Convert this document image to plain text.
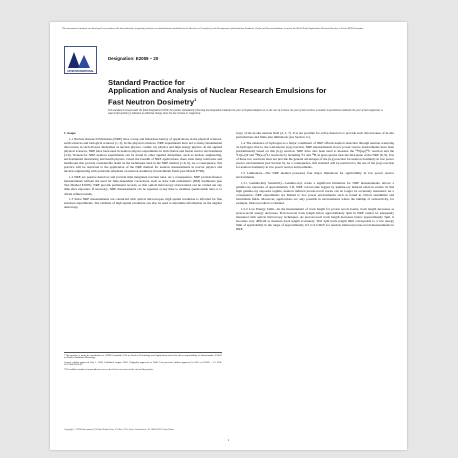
This international standard was developed in accordance with internationally recognized principles on standardization established in the Decision on Principles for the Development of International Standards, Guides and Recommendations issued by the World Trade Organization Technical Barriers to Trade (TBT) Committee.
ASTM INTERNATIONAL
Designation: E2059 – 20
Standard Practice for
Application and Analysis of Nuclear Research Emulsions for
Fast Neutron Dosimetry$^1$
This standard is issued under the fixed designation E2059; the number immediately following the designation indicates the year of original adoption or, in the case of revision, the year of last revision. A number in parentheses indicates the year of last reapproval. A superscript epsilon (ε) indicates an editorial change since the last revision or reapproval.

1. Scope

1.1 Nuclear Research Emulsions (NRE) have a long and illustrious history of applications in the physical sciences, earth sciences and biological sciences (1, 2). In the physical sciences, NRE experiments have led to many fundamental discoveries in such diverse disciplines as nuclear physics, cosmic ray physics and high energy physics. In the applied physical sciences, NRE have been used in neutron physics experiments in both fission and fusion reactor environments (3-6). Nonreactor NRE neutron experiments can be found in other applied disciplines, such as nuclear engineering, environmental monitoring and health physics. Given the breadth of NRE applications, there exist many textbooks and handbooks that provide considerable detail on the techniques used in the NRE method (1-6, 6). As a consequence, this practice will be restricted to the application of the NRE method for neutron measurements in reactor physics and nuclear engineering with particular emphasis on neutron dosimetry in benchmark fields (see Matrix E706).

1.2 NRE are passive detectors and provide time integrated reaction rates. As a consequence, NRE provide fluence measurements without the need for time-dependent corrections, such as arise with radiometric (RM) dosimeters (see Test Method E1005). NRE provide permanent records, so that optical microscopy observations can be carried out any time after exposure. If necessary, NRE measurements can be repeated at any time to examine questionable data or to obtain refined results.

1.3 Since NRE measurements are conducted with optical microscopes, high spatial resolution is afforded for fine structure experiments. The attribute of high spatial resolution can also be used to determine information on the angular anisotropy

¹ This practice is under the jurisdiction of ASTM Committee E10 on Nuclear Technology and Applications and is the direct responsibility of Subcommittee E10.05 on Nuclear Radiation Metrology.

Current edition approved July 1, 2020. Published August 2020. Originally approved in 2000. Last previous edition approved in 2015 as E2059 – 15. DOI: 10.1520/E2059-20.

² The boldface numbers in parentheses refer to the list of references at the end of this practice.

tropy of the in-situ neutron field (4, 5, 7). It is not possible for active detectors to provide such data because of in-situ perturbations and finite-size limitations (see Section 11).

1.4 The existence of hydrogen as a major constituent of NRE affords neutron detection through neutron scattering on hydrogen, that is, the well-known (n,p) reaction. NRE measurements in low power reactor environments have been predominantly based on this (n,p) reaction. NRE have also been used to measure the ¹⁴N(n,p)¹⁴C reaction and the ⁶Li(n,α)T and ¹⁰B(n,α)⁷Li reactions by including ⁶Li and ¹⁰B as glass specks near the mid-plane of the NRE (8, 9). Use of these two reactions does not provide the general advantages of the (n,p) reaction for neutron dosimetry in low power reactor environments (see Section 6). As a consequence, this standard will be restricted to the use of the (n,p) reaction for neutron dosimetry in low power reactor environments.

1.5 Limitations—The NRE method possesses four major limitations for applicability in low power reactor environments.

1.5.1 Gamma-Ray Sensitivity—Gamma-rays create a significant limitation for NRE measurements. Above a gamma-ray exposure of approximately 3 R, NRE can become fogged by gamma-ray induced electron events. In this high gamma-ray exposure regime, neutron induced proton-recoil tracks can no longer be accurately measured. As a consequence, NRE experiments are limited to low power environments such as found in critical assemblies and benchmark fields. Moreover, applications are only possible in environments where the buildup of radioactivity, for example, fission products, is limited.

1.5.2 Low Energy Limit—In the measurement of track length for proton recoil events, track length decreases as proton-recoil energy decreases. Proton-recoil track length below approximately 3μm in NRE cannot be adequately measured with optical microscopy techniques. As proton-recoil track length decreases below approximately 3μm, it becomes very difficult to measure track length accurately. This 3μm track length limit corresponds to a low energy limit of applicability in the range of approximately 0.3 to 0.4 MeV for neutron induced proton-recoil measurements in NRE.

Copyright © ASTM International, 100 Barr Harbor Drive, PO Box C700, West Conshohocken, PA 19428-2959. United States
1
